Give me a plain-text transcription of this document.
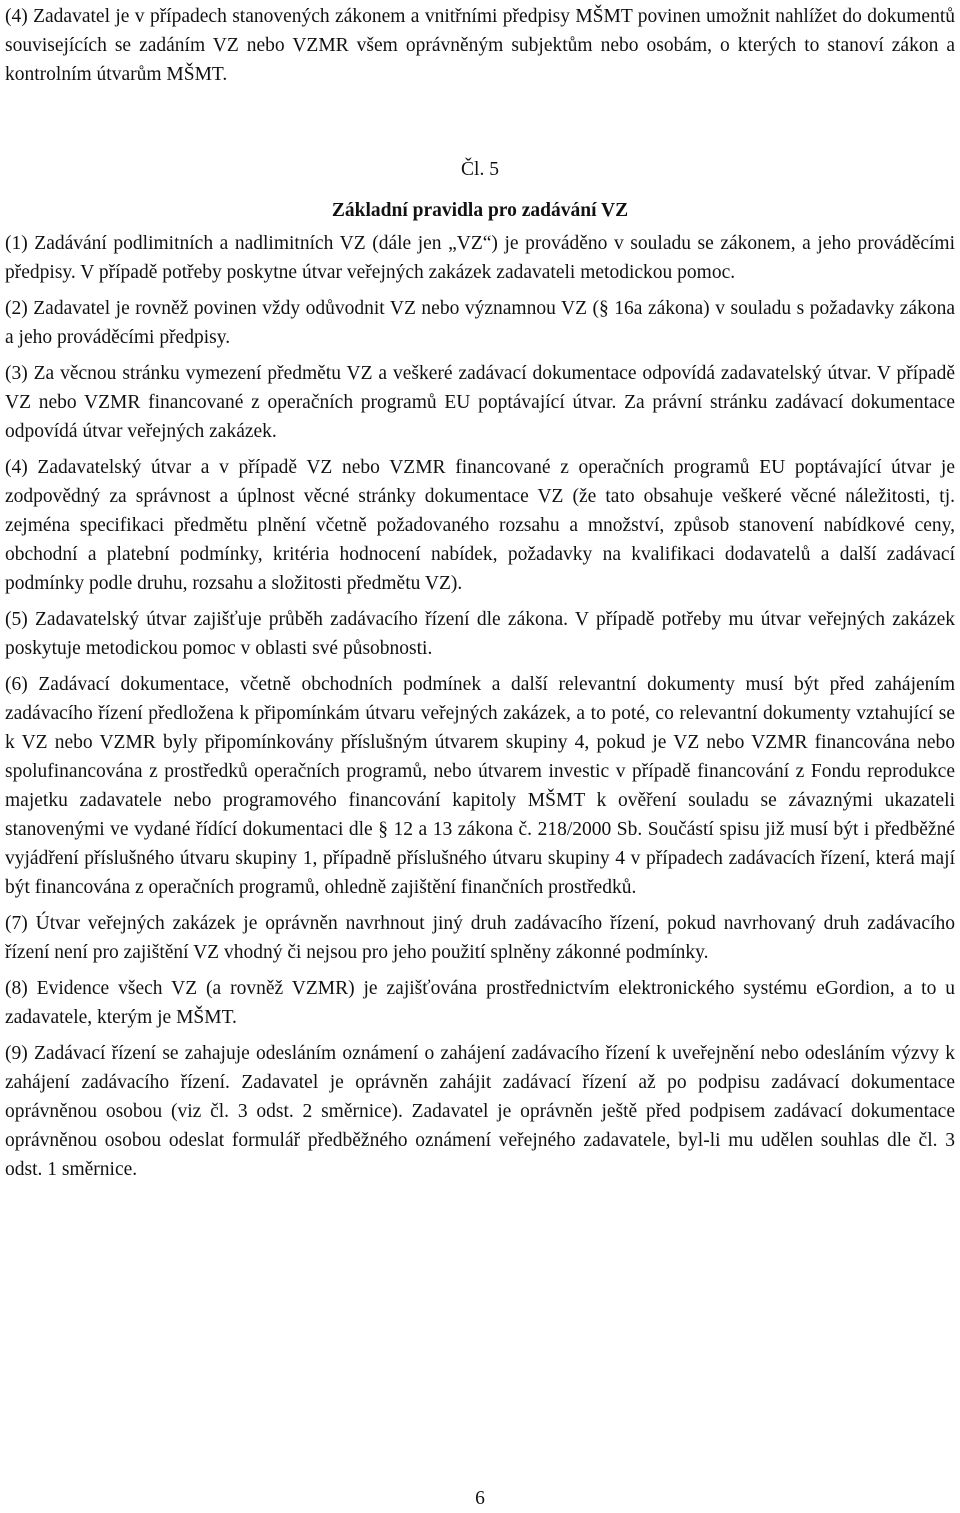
(4) Zadavatel je v případech stanovených zákonem a vnitřními předpisy MŠMT povinen umožnit nahlížet do dokumentů souvisejících se zadáním VZ nebo VZMR všem oprávněným subjektům nebo osobám, o kterých to stanoví zákon a kontrolním útvarům MŠMT.

Čl. 5

Základní pravidla pro zadávání VZ

(1) Zadávání podlimitních a nadlimitních VZ (dále jen „VZ“) je prováděno v souladu se zákonem, a jeho prováděcími předpisy. V případě potřeby poskytne útvar veřejných zakázek zadavateli metodickou pomoc.

(2) Zadavatel je rovněž povinen vždy odůvodnit VZ nebo významnou VZ (§ 16a zákona) v souladu s požadavky zákona a jeho prováděcími předpisy.

(3) Za věcnou stránku vymezení předmětu VZ a veškeré zadávací dokumentace odpovídá zadavatelský útvar. V případě VZ nebo VZMR financované z operačních programů EU poptávající útvar. Za právní stránku zadávací dokumentace odpovídá útvar veřejných zakázek.

(4) Zadavatelský útvar a v případě VZ nebo VZMR financované z operačních programů EU poptávající útvar je zodpovědný za správnost a úplnost věcné stránky dokumentace VZ (že tato obsahuje veškeré věcné náležitosti, tj. zejména specifikaci předmětu plnění včetně požadovaného rozsahu a množství, způsob stanovení nabídkové ceny, obchodní a platební podmínky, kritéria hodnocení nabídek, požadavky na kvalifikaci dodavatelů a další zadávací podmínky podle druhu, rozsahu a složitosti předmětu VZ).

(5) Zadavatelský útvar zajišťuje průběh zadávacího řízení dle zákona. V případě potřeby mu útvar veřejných zakázek poskytuje metodickou pomoc v oblasti své působnosti.

(6) Zadávací dokumentace, včetně obchodních podmínek a další relevantní dokumenty musí být před zahájením zadávacího řízení předložena k připomínkám útvaru veřejných zakázek, a to poté, co relevantní dokumenty vztahující se k VZ nebo VZMR byly připomínkovány příslušným útvarem skupiny 4, pokud je VZ nebo VZMR financována nebo spolufinancována z prostředků operačních programů, nebo útvarem investic v případě financování z Fondu reprodukce majetku zadavatele nebo programového financování kapitoly MŠMT k ověření souladu se závaznými ukazateli stanovenými ve vydané řídící dokumentaci dle § 12 a 13 zákona č. 218/2000 Sb. Součástí spisu již musí být i předběžné vyjádření příslušného útvaru skupiny 1, případně příslušného útvaru skupiny 4 v případech zadávacích řízení, která mají být financována z operačních programů, ohledně zajištění finančních prostředků.

(7) Útvar veřejných zakázek je oprávněn navrhnout jiný druh zadávacího řízení, pokud navrhovaný druh zadávacího řízení není pro zajištění VZ vhodný či nejsou pro jeho použití splněny zákonné podmínky.

(8) Evidence všech VZ (a rovněž VZMR) je zajišťována prostřednictvím elektronického systému eGordion, a to u zadavatele, kterým je MŠMT.

(9) Zadávací řízení se zahajuje odesláním oznámení o zahájení zadávacího řízení k uveřejnění nebo odesláním výzvy k zahájení zadávacího řízení. Zadavatel je oprávněn zahájit zadávací řízení až po podpisu zadávací dokumentace oprávněnou osobou (viz čl. 3 odst. 2 směrnice). Zadavatel je oprávněn ještě před podpisem zadávací dokumentace oprávněnou osobou odeslat formulář předběžného oznámení veřejného zadavatele, byl-li mu udělen souhlas dle čl. 3 odst. 1 směrnice.

6
